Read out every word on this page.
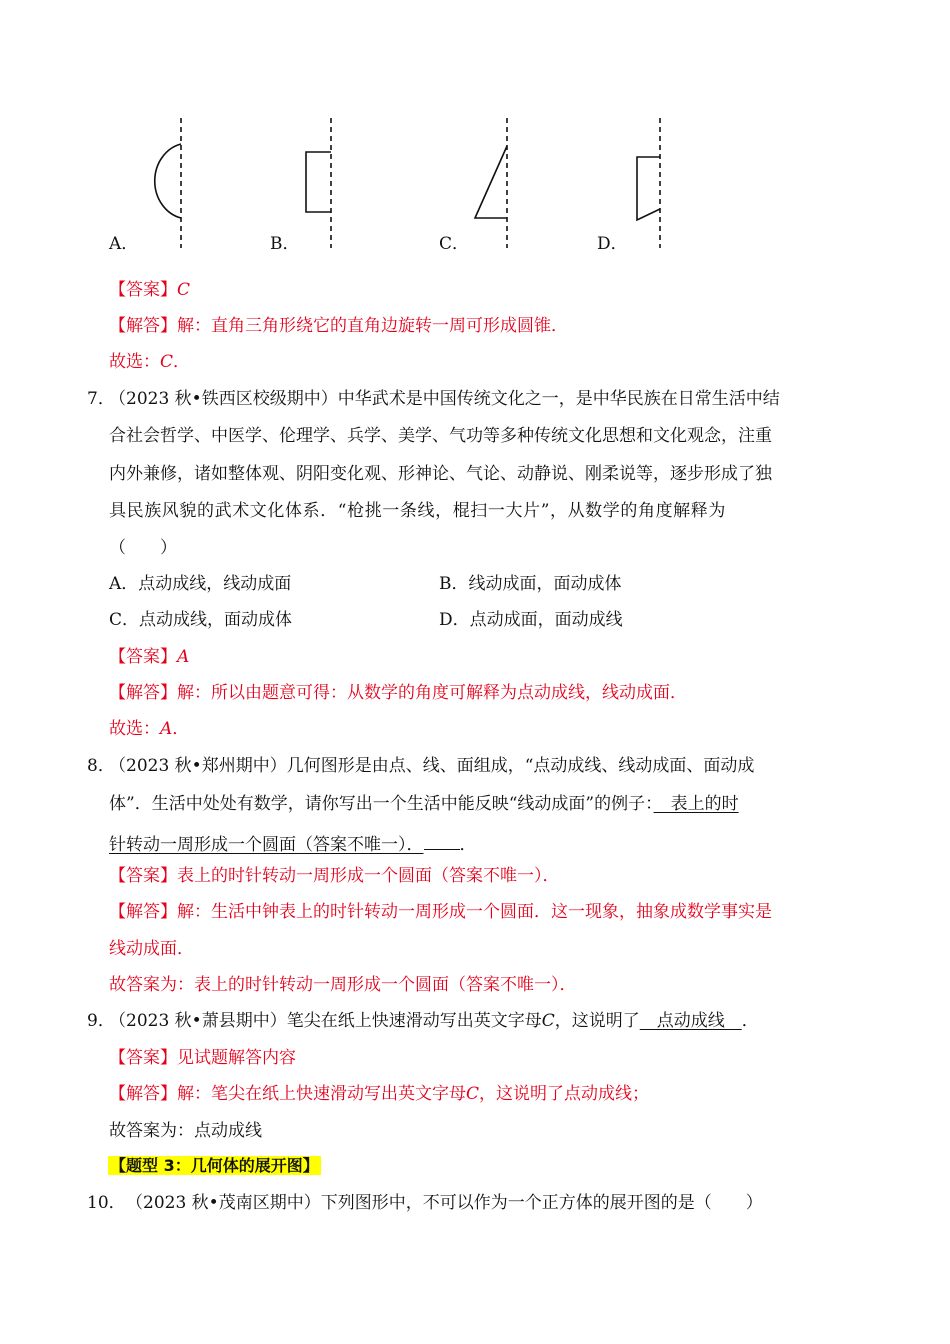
A．	B．	C．	D．
【答案】C
【解答】解：直角三角形绕它的直角边旋转一周可形成圆锥．
故选：C．
7．
（2023 秋•铁西区校级期中）中华武术是中国传统文化之一，是中华民族在日常生活中结
合社会哲学、中医学、伦理学、兵学、美学、气功等多种传统文化思想和文化观念，注重
内外兼修，诸如整体观、阴阳变化观、形神论、气论、动静说、刚柔说等，逐步形成了独
具民族风貌的武术文化体系．“枪挑一条线，棍扫一大片”，从数学的角度解释为
（　　）
A．点动成线，线动成面	B．线动成面，面动成体
C．点动成线，面动成体	D．点动成面，面动成线
【答案】A
【解答】解：所以由题意可得：从数学的角度可解释为点动成线，线动成面．
故选：A．
8．
（2023 秋•郑州期中）几何图形是由点、线、面组成，“点动成线、线动成面、面动成
体”．生活中处处有数学，请你写出一个生活中能反映“线动成面”的例子：　表上的时
针转动一周形成一个圆面（答案不唯一）． ．
【答案】表上的时针转动一周形成一个圆面（答案不唯一）．
【解答】解：生活中钟表上的时针转动一周形成一个圆面．这一现象，抽象成数学事实是
线动成面．
故答案为：表上的时针转动一周形成一个圆面（答案不唯一）．
9．
（2023 秋•萧县期中）笔尖在纸上快速滑动写出英文字母C，这说明了　点动成线　．
【答案】见试题解答内容
【解答】解：笔尖在纸上快速滑动写出英文字母C，这说明了点动成线；
故答案为：点动成线
【题型 3：几何体的展开图】
10． （2023 秋•茂南区期中）下列图形中，不可以作为一个正方体的展开图的是（　　）
